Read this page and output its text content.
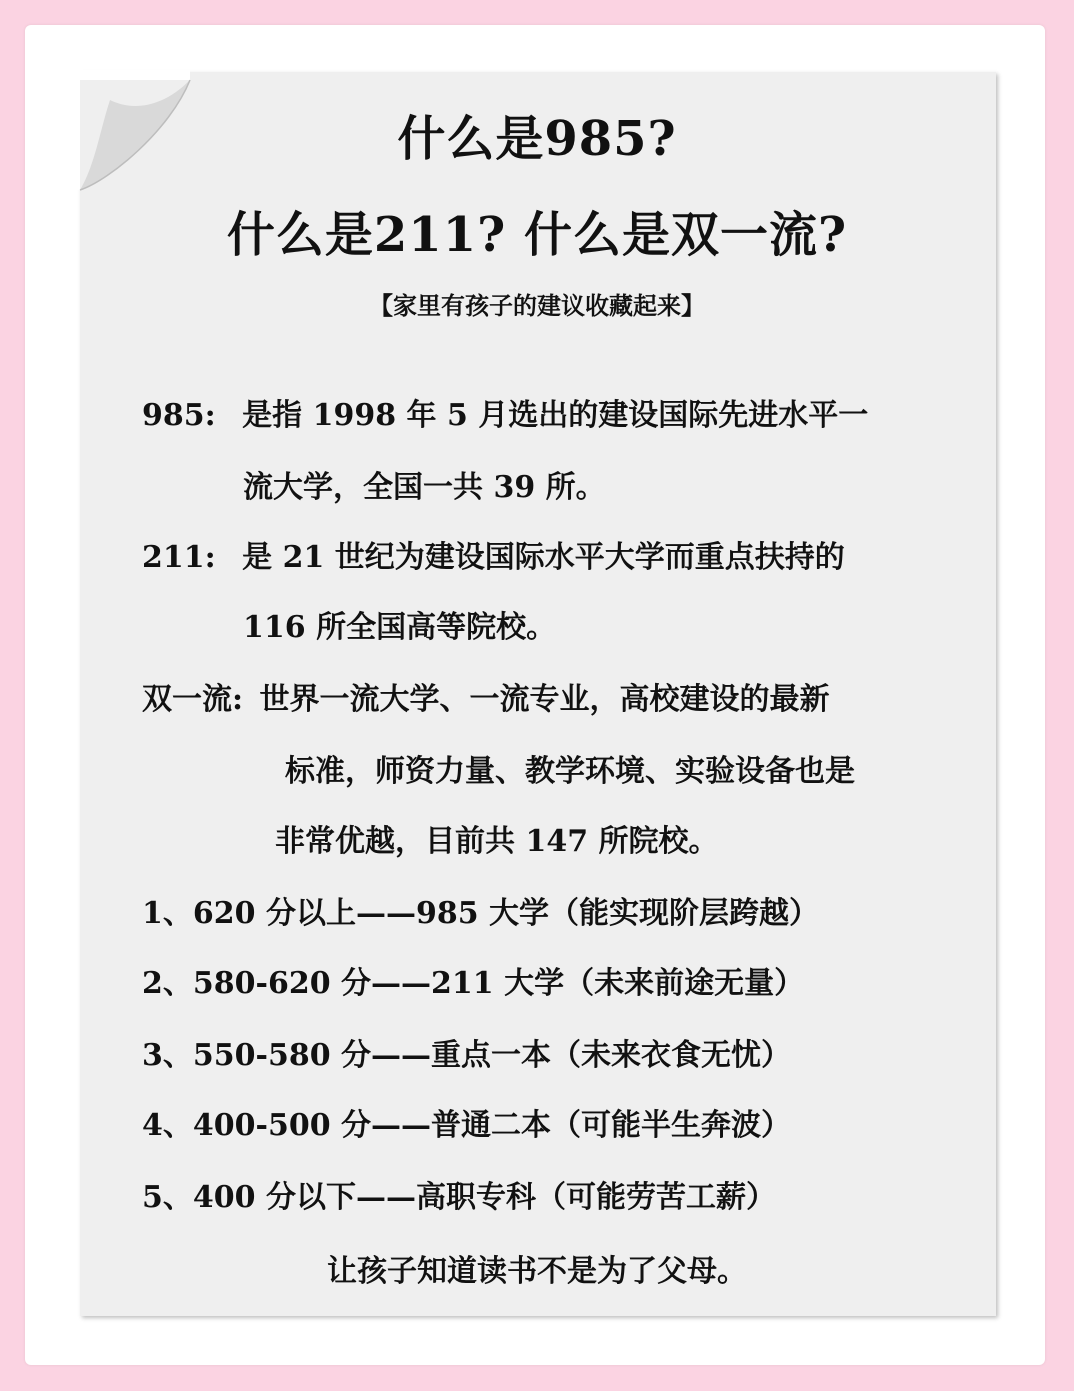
什么是985?
什么是211? 什么是双一流?
【家里有孩子的建议收藏起来】
985: 是指 1998 年 5 月选出的建设国际先进水平一
流大学，全国一共 39 所。
211: 是 21 世纪为建设国际水平大学而重点扶持的
116 所全国高等院校。
双一流: 世界一流大学、一流专业，高校建设的最新
标准，师资力量、教学环境、实验设备也是
非常优越，目前共 147 所院校。
1、620 分以上——985 大学（能实现阶层跨越）
2、580-620 分——211 大学（未来前途无量）
3、550-580 分——重点一本（未来衣食无忧）
4、400-500 分——普通二本（可能半生奔波）
5、400 分以下——高职专科（可能劳苦工薪）
让孩子知道读书不是为了父母。
